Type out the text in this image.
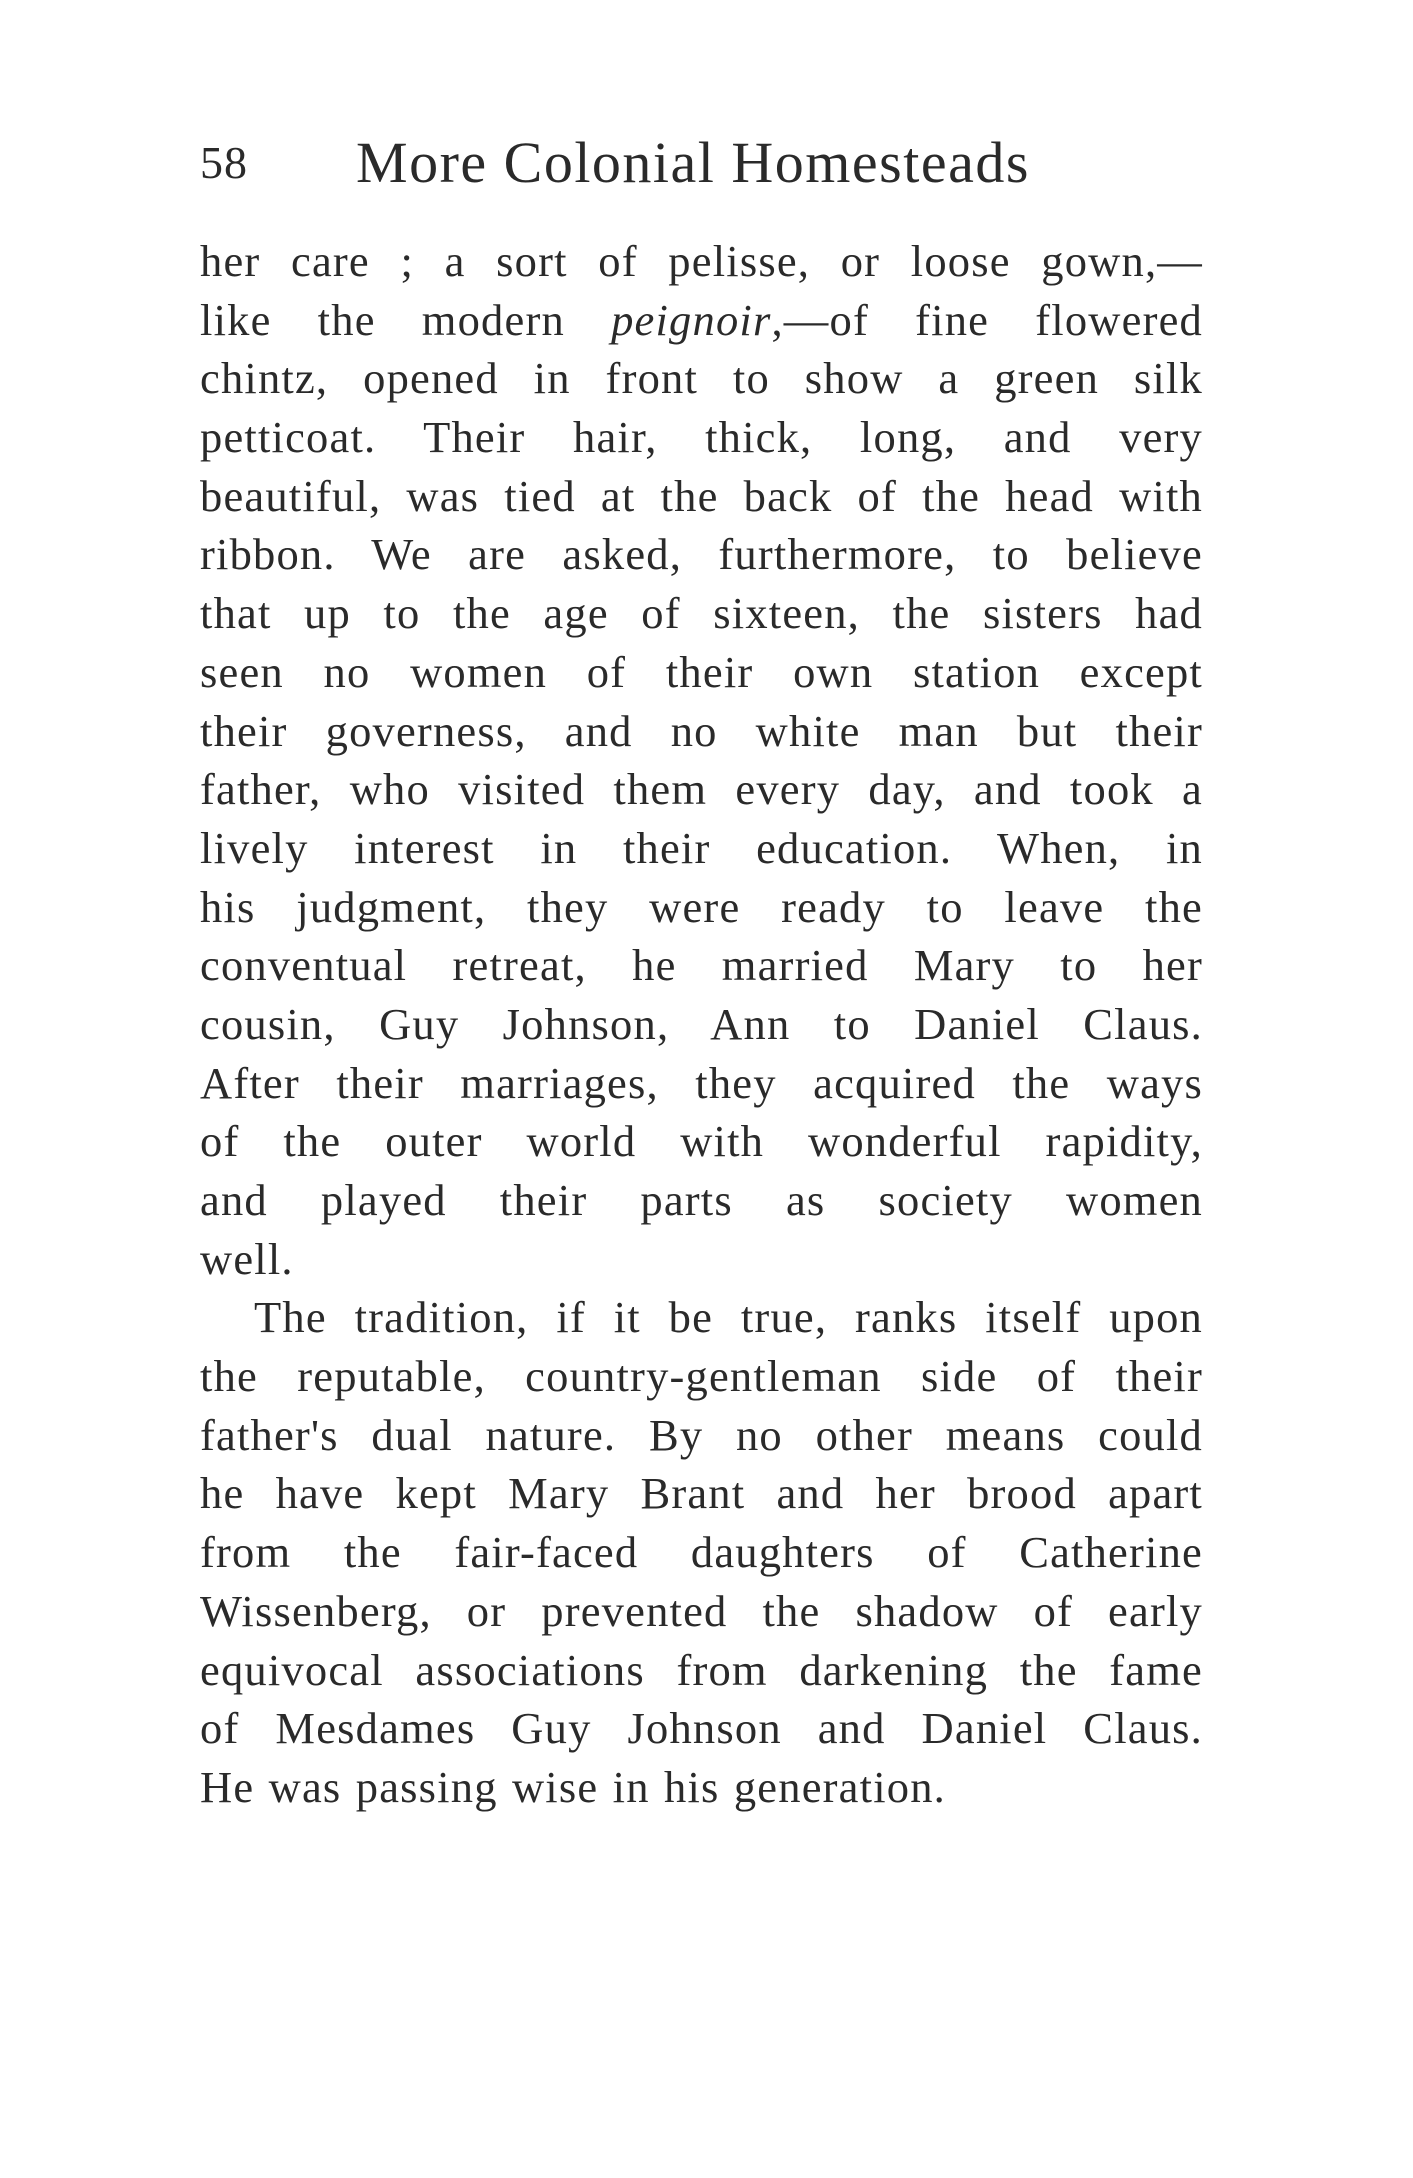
58 More Colonial Homesteads
her care ; a sort of pelisse, or loose gown,—
like the modern peignoir,—of fine flowered
chintz, opened in front to show a green silk
petticoat. Their hair, thick, long, and very
beautiful, was tied at the back of the head with
ribbon. We are asked, furthermore, to believe
that up to the age of sixteen, the sisters had
seen no women of their own station except
their governess, and no white man but their
father, who visited them every day, and took a
lively interest in their education. When, in
his judgment, they were ready to leave the
conventual retreat, he married Mary to her
cousin, Guy Johnson, Ann to Daniel Claus.
After their marriages, they acquired the ways
of the outer world with wonderful rapidity,
and played their parts as society women
well.
The tradition, if it be true, ranks itself upon
the reputable, country-gentleman side of their
father's dual nature. By no other means could
he have kept Mary Brant and her brood apart
from the fair-faced daughters of Catherine
Wissenberg, or prevented the shadow of early
equivocal associations from darkening the fame
of Mesdames Guy Johnson and Daniel Claus.
He was passing wise in his generation.
